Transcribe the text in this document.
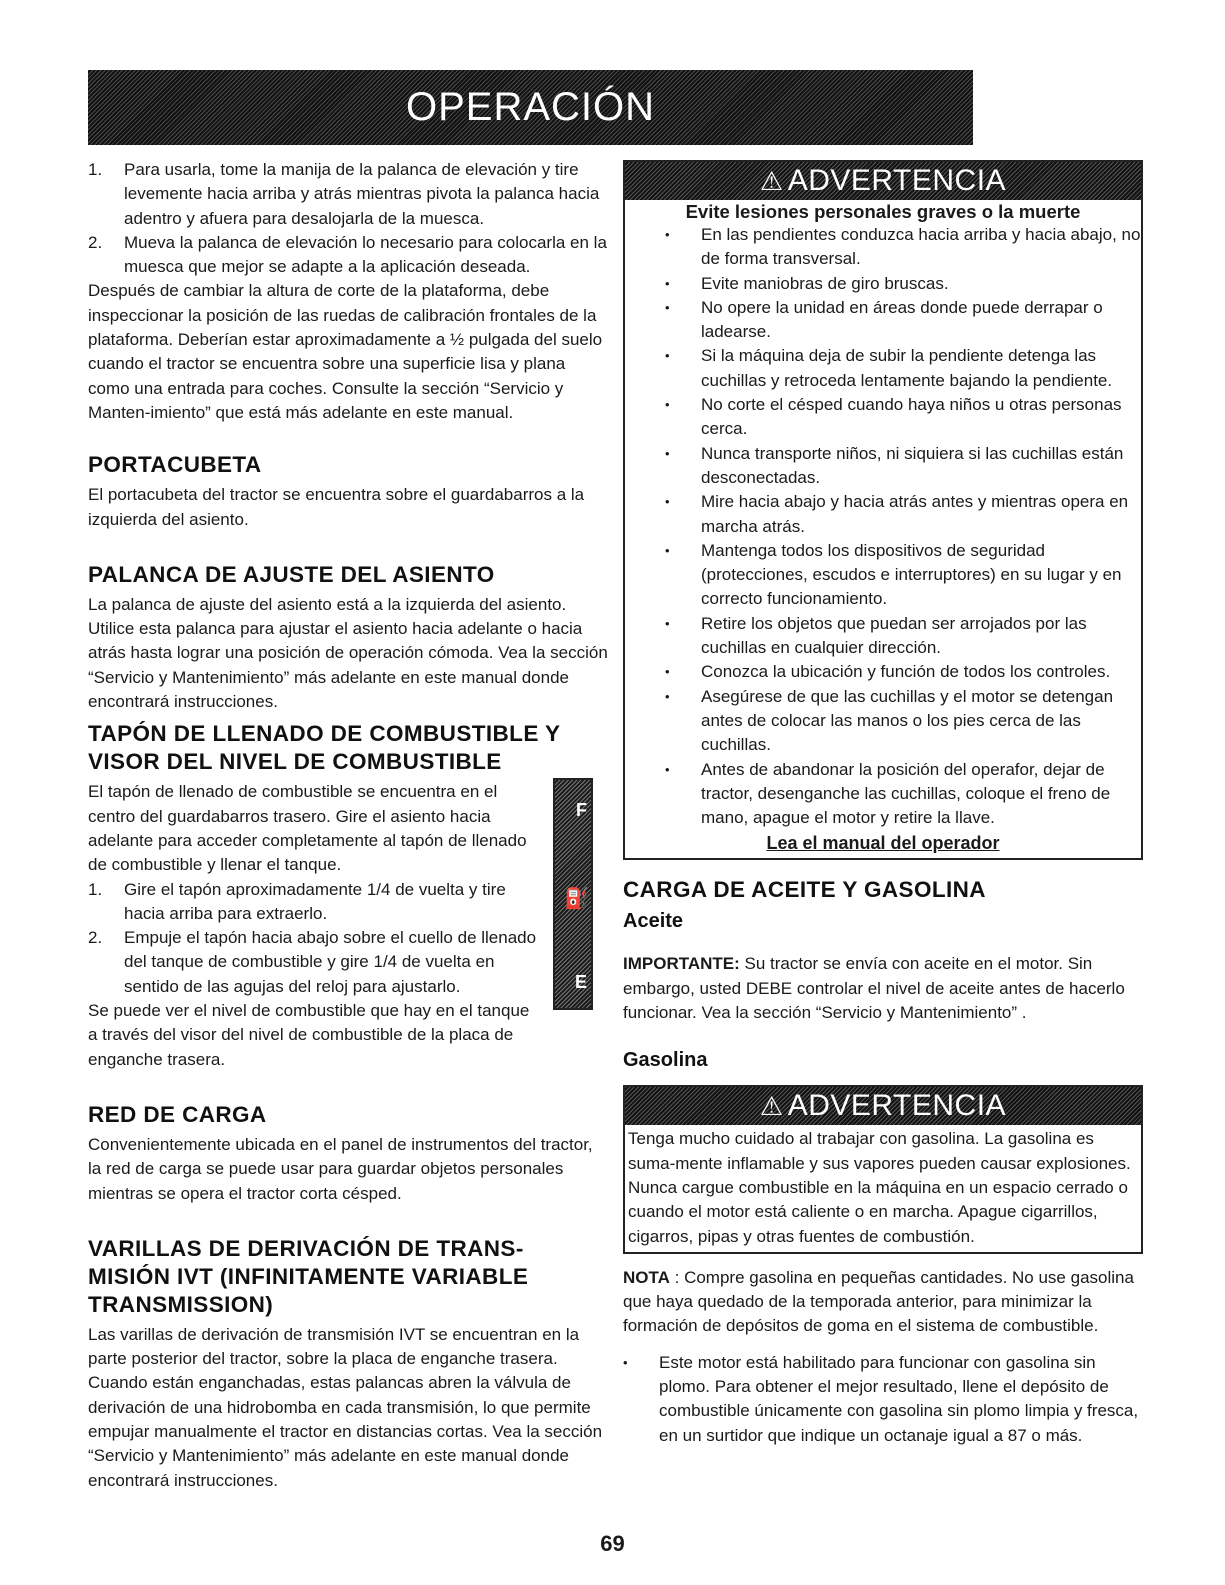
OPERACIÓN
1. Para usarla, tome la manija de la palanca de elevación y tire levemente hacia arriba y atrás mientras pivota la palanca hacia adentro y afuera para desalojarla de la muesca.
2. Mueva la palanca de elevación lo necesario para colocarla en la muesca que mejor se adapte a la aplicación deseada.

Después de cambiar la altura de corte de la plataforma, debe inspeccionar la posición de las ruedas de calibración frontales de la plataforma. Deberían estar aproximadamente a ½ pulgada del suelo cuando el tractor se encuentra sobre una superficie lisa y plana como una entrada para coches. Consulte la sección “Servicio y Manten-imiento” que está más adelante en este manual.

PORTACUBETA

El portacubeta del tractor se encuentra sobre el guardabarros a la izquierda del asiento.

PALANCA DE AJUSTE DEL ASIENTO

La palanca de ajuste del asiento está a la izquierda del asiento. Utilice esta palanca para ajustar el asiento hacia adelante o hacia atrás hasta lograr una posición de operación cómoda. Vea la sección “Servicio y Mantenimiento” más adelante en este manual donde encontrará instrucciones.

TAPÓN DE LLENADO DE COMBUSTIBLE Y VISOR DEL NIVEL DE COMBUSTIBLE

El tapón de llenado de combustible se encuentra en el centro del guardabarros trasero. Gire el asiento hacia adelante para acceder completamente al tapón de llenado de combustible y llenar el tanque.

1. Gire el tapón aproximadamente 1/4 de vuelta y tire hacia arriba para extraerlo.
2. Empuje el tapón hacia abajo sobre el cuello de llenado del tanque de combustible y gire 1/4 de vuelta en sentido de las agujas del reloj para ajustarlo.

Se puede ver el nivel de combustible que hay en el tanque a través del visor del nivel de combustible de la placa de enganche trasera.

RED DE CARGA

Convenientemente ubicada en el panel de instrumentos del tractor, la red de carga se puede usar para guardar objetos personales mientras se opera el tractor corta césped.

VARILLAS DE DERIVACIÓN DE TRANS-MISIÓN IVT (INFINITAMENTE VARIABLE TRANSMISSION)

Las varillas de derivación de transmisión IVT se encuentran en la parte posterior del tractor, sobre la placa de enganche trasera. Cuando están enganchadas, estas palancas abren la válvula de derivación de una hidrobomba en cada transmisión, lo que permite empujar manualmente el tractor en distancias cortas. Vea la sección “Servicio y Mantenimiento” más adelante en este manual donde encontrará instrucciones.

F
⛽
E
⚠ ADVERTENCIA
Evite lesiones personales graves o la muerte
• En las pendientes conduzca hacia arriba y hacia abajo, no de forma transversal.
• Evite maniobras de giro bruscas.
• No opere la unidad en áreas donde puede derrapar o ladearse.
• Si la máquina deja de subir la pendiente detenga las cuchillas y retroceda lentamente bajando la pendiente.
• No corte el césped cuando haya niños u otras personas cerca.
• Nunca transporte niños, ni siquiera si las cuchillas están desconectadas.
• Mire hacia abajo y hacia atrás antes y mientras opera en marcha atrás.
• Mantenga todos los dispositivos de seguridad (protecciones, escudos e interruptores) en su lugar y en correcto funcionamiento.
• Retire los objetos que puedan ser arrojados por las cuchillas en cualquier dirección.
• Conozca la ubicación y función de todos los controles.
• Asegúrese de que las cuchillas y el motor se detengan antes de colocar las manos o los pies cerca de las cuchillas.
• Antes de abandonar la posición del operafor, dejar de tractor, desenganche las cuchillas, coloque el freno de mano, apague el motor y retire la llave.
Lea el manual del operador
CARGA DE ACEITE Y GASOLINA
Aceite

IMPORTANTE: Su tractor se envía con aceite en el motor. Sin embargo, usted DEBE controlar el nivel de aceite antes de hacerlo funcionar. Vea la sección “Servicio y Mantenimiento” .

Gasolina
⚠ ADVERTENCIA

Tenga mucho cuidado al trabajar con gasolina. La gasolina es suma-mente inflamable y sus vapores pueden causar explosiones. Nunca cargue combustible en la máquina en un espacio cerrado o cuando el motor está caliente o en marcha. Apague cigarrillos, cigarros, pipas y otras fuentes de combustión.

NOTA : Compre gasolina en pequeñas cantidades. No use gasolina que haya quedado de la temporada anterior, para minimizar la formación de depósitos de goma en el sistema de combustible.

• Este motor está habilitado para funcionar con gasolina sin plomo. Para obtener el mejor resultado, llene el depósito de combustible únicamente con gasolina sin plomo limpia y fresca, en un surtidor que indique un octanaje igual a 87 o más.
69
